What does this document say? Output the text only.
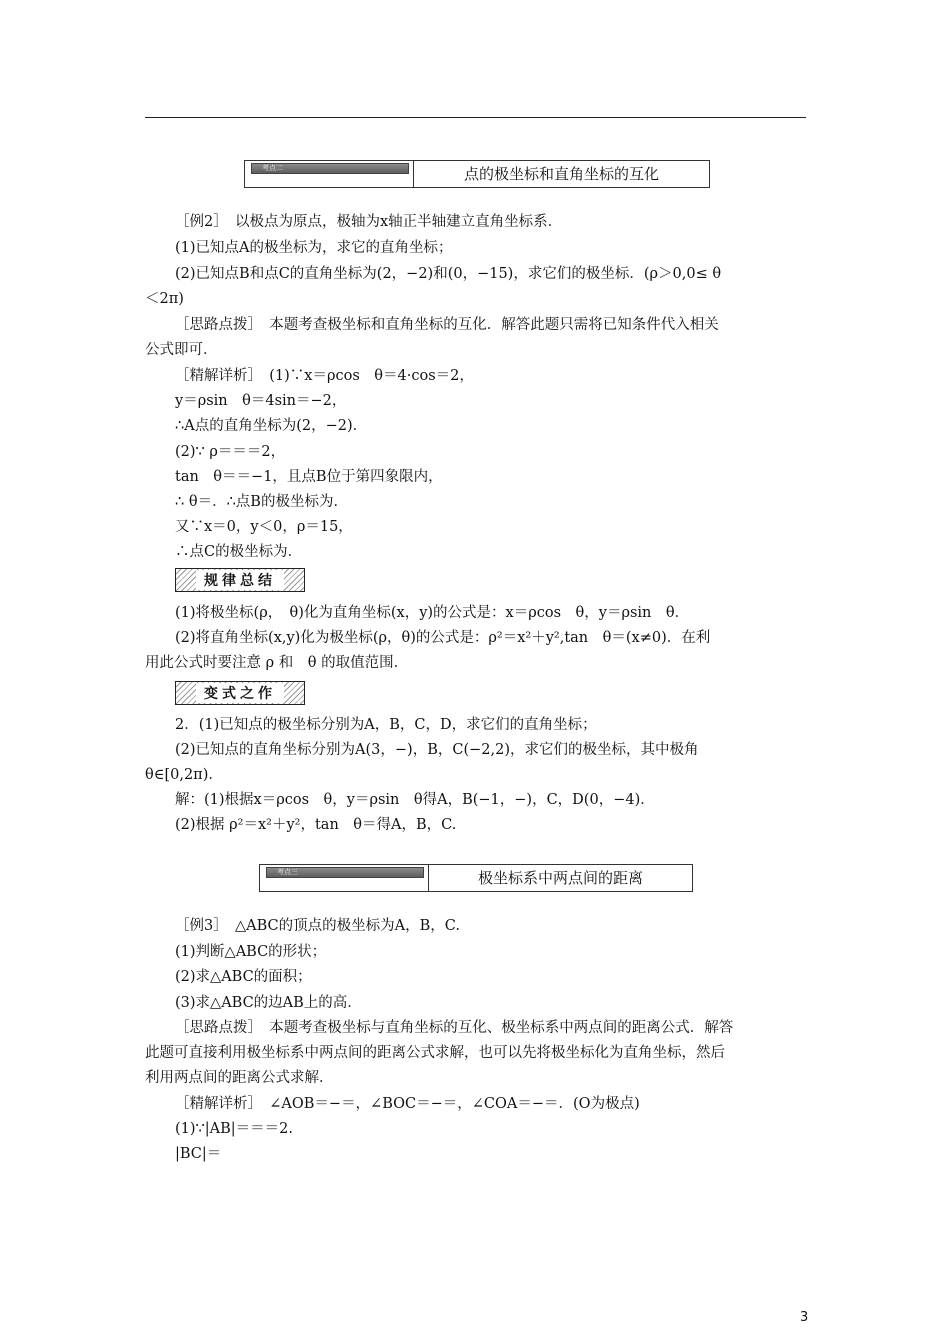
考点二	点的极坐标和直角坐标的互化
［例2］　以极点为原点，极轴为x轴正半轴建立直角坐标系．
(1)已知点A的极坐标为，求它的直角坐标；
(2)已知点B和点C的直角坐标为(2，−2)和(0，−15)，求它们的极坐标．(ρ＞0,0≤ θ
＜2π)
［思路点拨］　本题考查极坐标和直角坐标的互化．解答此题只需将已知条件代入相关
公式即可．
［精解详析］　(1)∵x＝ρcos　θ＝4·cos＝2，
y＝ρsin　θ＝4sin＝−2，
∴A点的直角坐标为(2，−2)．
(2)∵ ρ＝＝＝2，
tan　θ＝＝−1，且点B位于第四象限内，
∴ θ＝．∴点B的极坐标为．
又∵x＝0，y＜0，ρ＝15，
∴点C的极坐标为．
规律总结
(1)将极坐标(ρ，　θ)化为直角坐标(x，y)的公式是：x＝ρcos　θ，y＝ρsin　θ．
(2)将直角坐标(x,y)化为极坐标(ρ，θ)的公式是：ρ²＝x²＋y²,tan　θ＝(x≠0)．在利
用此公式时要注意 ρ 和　θ 的取值范围．
变式之作
2．(1)已知点的极坐标分别为A，B，C，D，求它们的直角坐标；
(2)已知点的直角坐标分别为A(3，−)，B，C(−2,2)，求它们的极坐标，其中极角
θ∈[0,2π)．
解：(1)根据x＝ρcos　θ，y＝ρsin　θ得A，B(−1，−)，C，D(0，−4)．
(2)根据 ρ²＝x²＋y²，tan　θ＝得A，B，C.
考点三	极坐标系中两点间的距离
［例3］　△ABC的顶点的极坐标为A，B，C.
(1)判断△ABC的形状；
(2)求△ABC的面积；
(3)求△ABC的边AB上的高．
［思路点拨］　本题考查极坐标与直角坐标的互化、极坐标系中两点间的距离公式．解答
此题可直接利用极坐标系中两点间的距离公式求解，也可以先将极坐标化为直角坐标，然后
利用两点间的距离公式求解．
［精解详析］　∠AOB＝−＝，∠BOC＝−＝，∠COA＝−＝．(O为极点)
(1)∵|AB|＝＝＝2.
|BC|＝
3
